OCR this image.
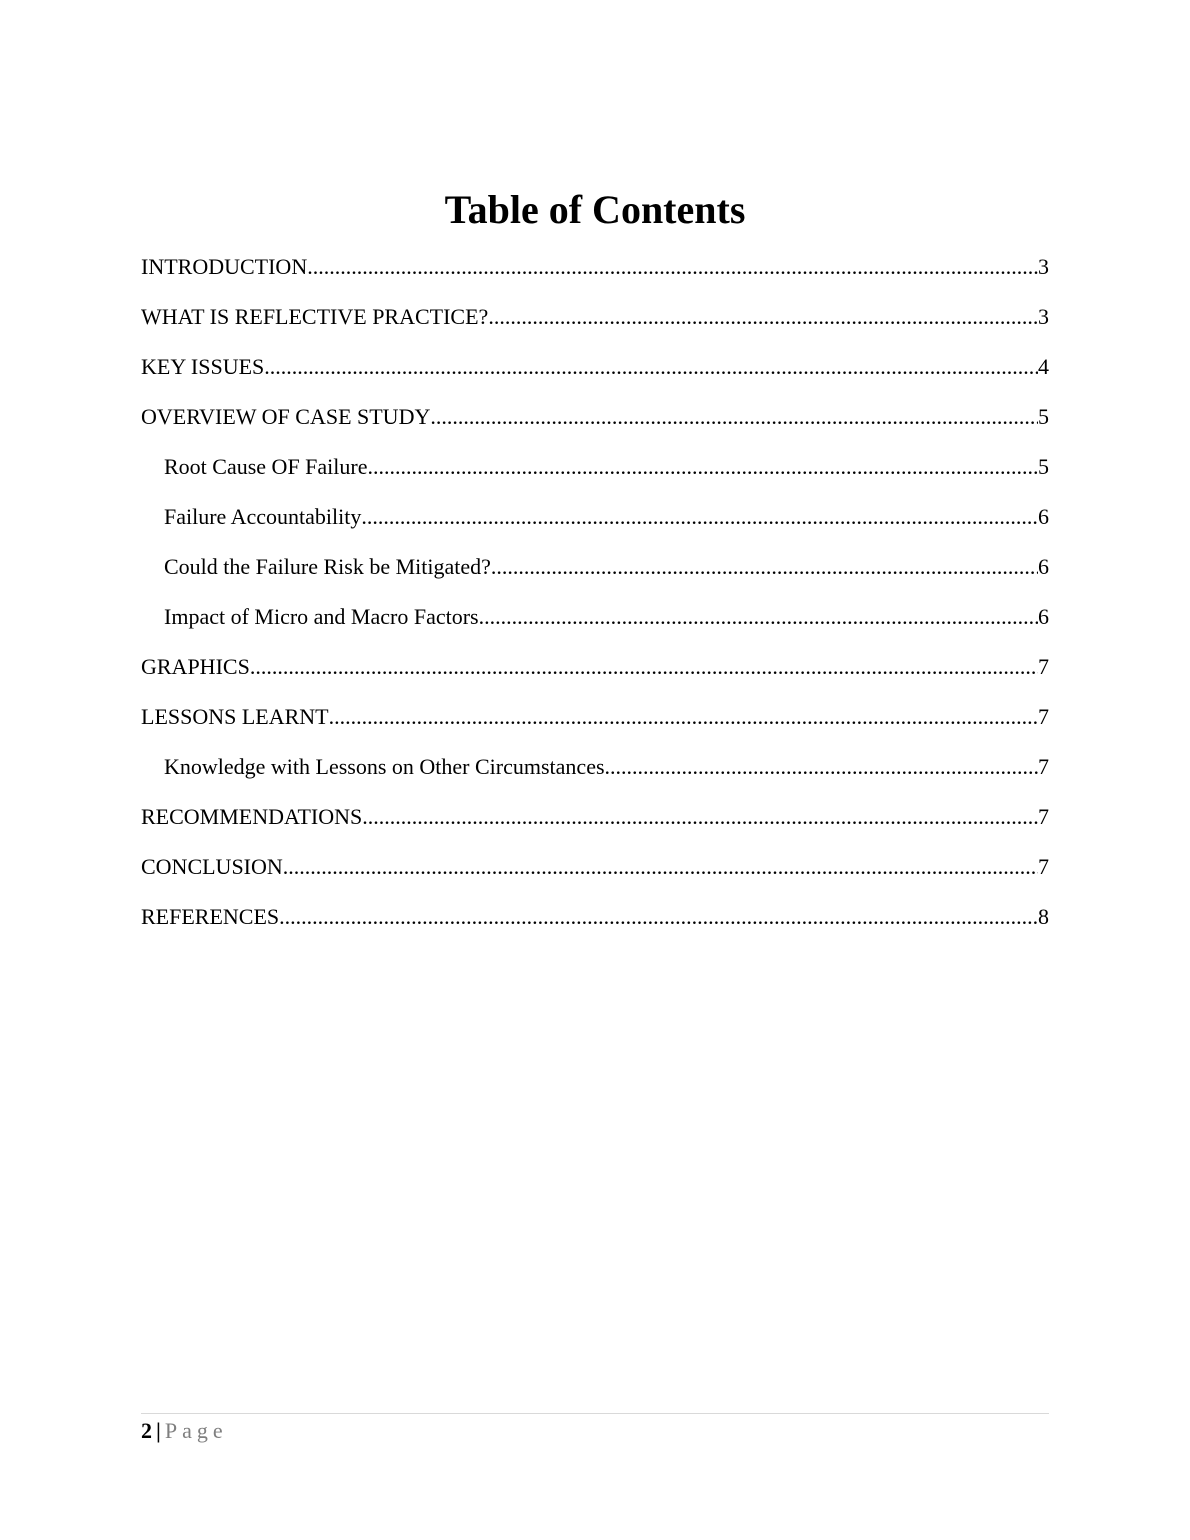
Table of Contents
INTRODUCTION .....	3
WHAT IS REFLECTIVE PRACTICE? .....	3
KEY ISSUES .....	4
OVERVIEW OF CASE STUDY .....	5
Root Cause OF Failure .....	5
Failure Accountability .....	6
Could the Failure Risk be Mitigated? .....	6
Impact of Micro and Macro Factors .....	6
GRAPHICS .....	7
LESSONS LEARNT .....	7
Knowledge with Lessons on Other Circumstances .....	7
RECOMMENDATIONS .....	7
CONCLUSION .....	7
REFERENCES .....	8
2 | Page
